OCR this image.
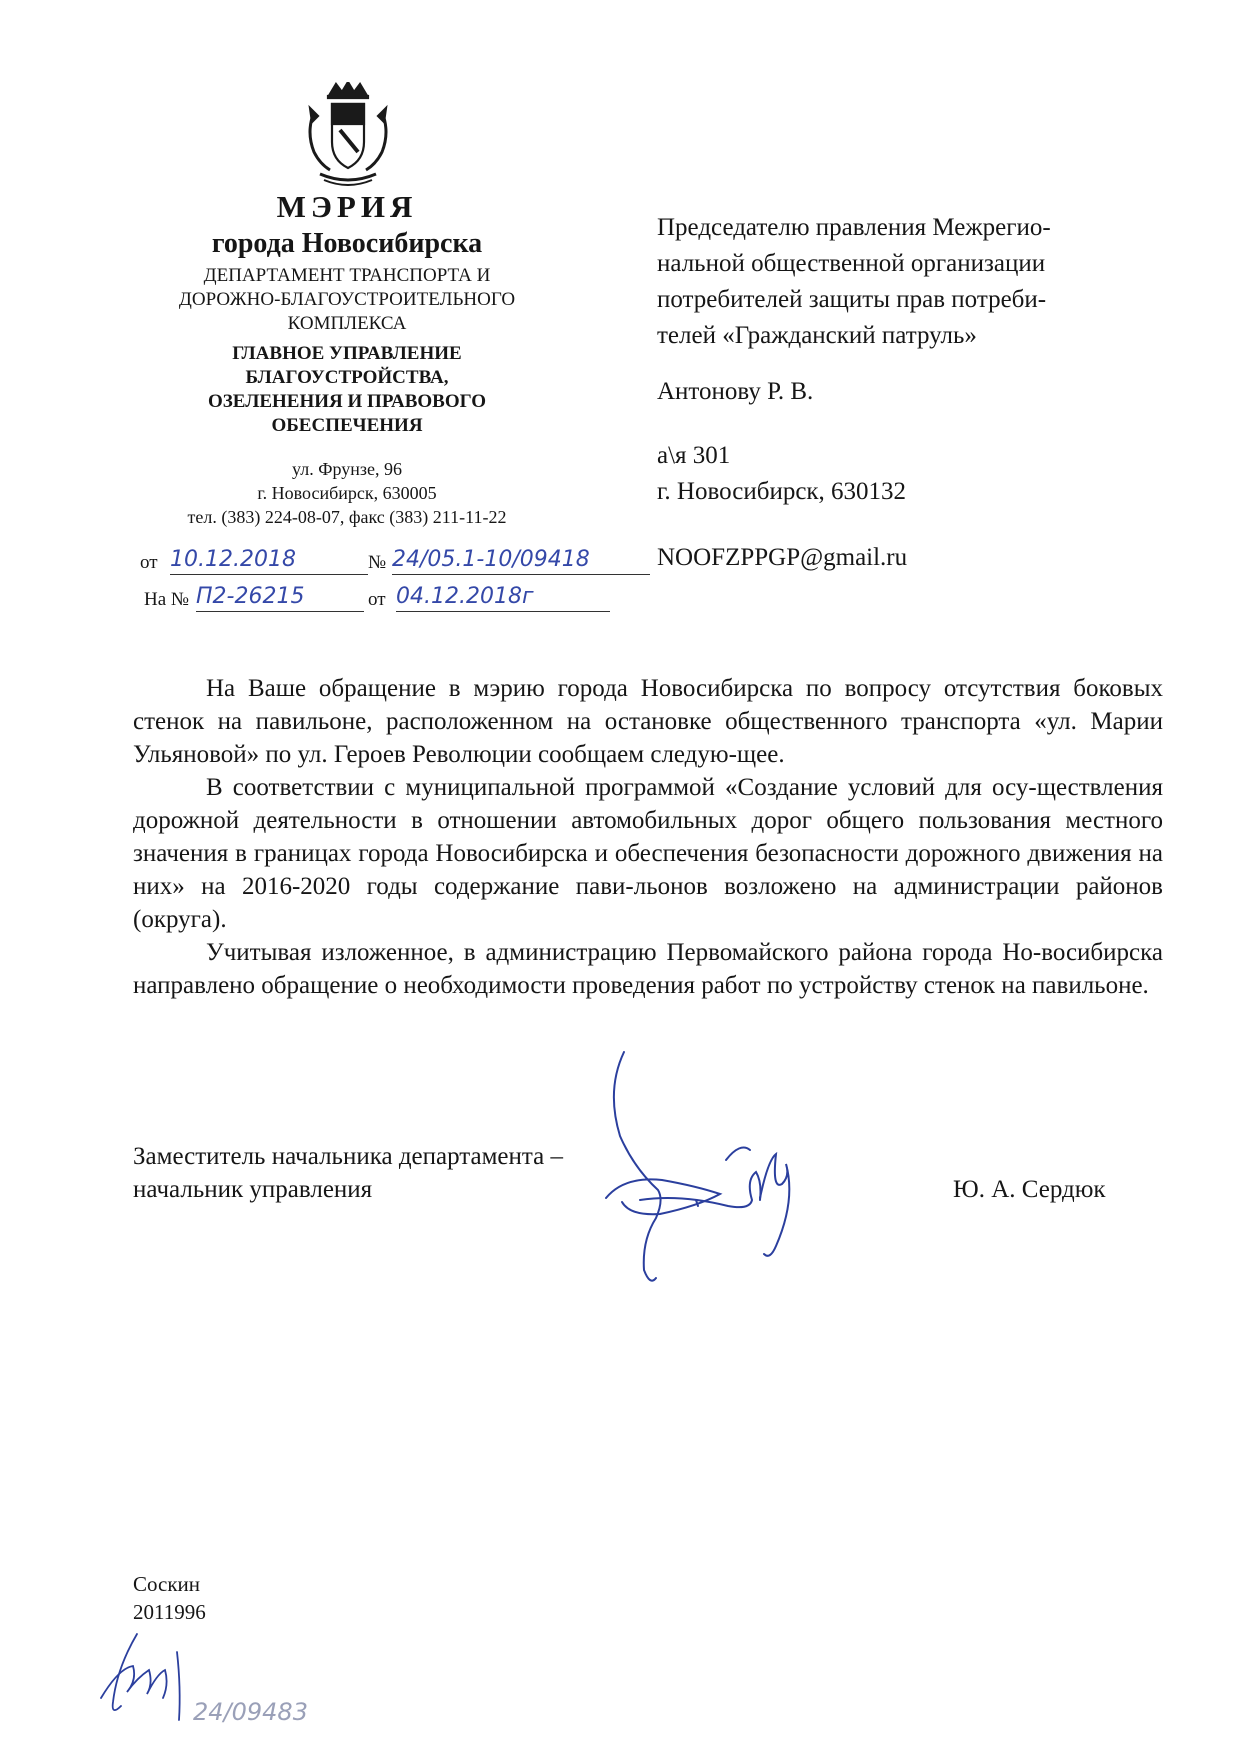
МЭРИЯ
города Новосибирска
ДЕПАРТАМЕНТ ТРАНСПОРТА И
ДОРОЖНО-БЛАГОУСТРОИТЕЛЬНОГО
КОМПЛЕКСА
ГЛАВНОЕ УПРАВЛЕНИЕ
БЛАГОУСТРОЙСТВА,
ОЗЕЛЕНЕНИЯ И ПРАВОВОГО
ОБЕСПЕЧЕНИЯ
ул. Фрунзе, 96
г. Новосибирск, 630005
тел. (383) 224-08-07, факс (383) 211-11-22
от 10.12.2018	№ 24/05.1-10/09418
На № П2-26215	от 04.12.2018г
Председателю правления Межрегио-
нальной общественной организации
потребителей защиты прав потреби-
телей «Гражданский патруль»
Антонову Р. В.
а\я 301
г. Новосибирск, 630132
NOOFZPPGP@gmail.ru

На Ваше обращение в мэрию города Новосибирска по вопросу отсутствия боковых стенок на павильоне, расположенном на остановке общественного транспорта «ул. Марии Ульяновой» по ул. Героев Революции сообщаем следую-щее.

В соответствии с муниципальной программой «Создание условий для осу-ществления дорожной деятельности в отношении автомобильных дорог общего пользования местного значения в границах города Новосибирска и обеспечения безопасности дорожного движения на них» на 2016-2020 годы содержание пави-льонов возложено на администрации районов (округа).

Учитывая изложенное, в администрацию Первомайского района города Но-восибирска направлено обращение о необходимости проведения работ по устройству стенок на павильоне.

Заместитель начальника департамента –
начальник управления	Ю. А. Сердюк
Соскин
2011996
24/09483
